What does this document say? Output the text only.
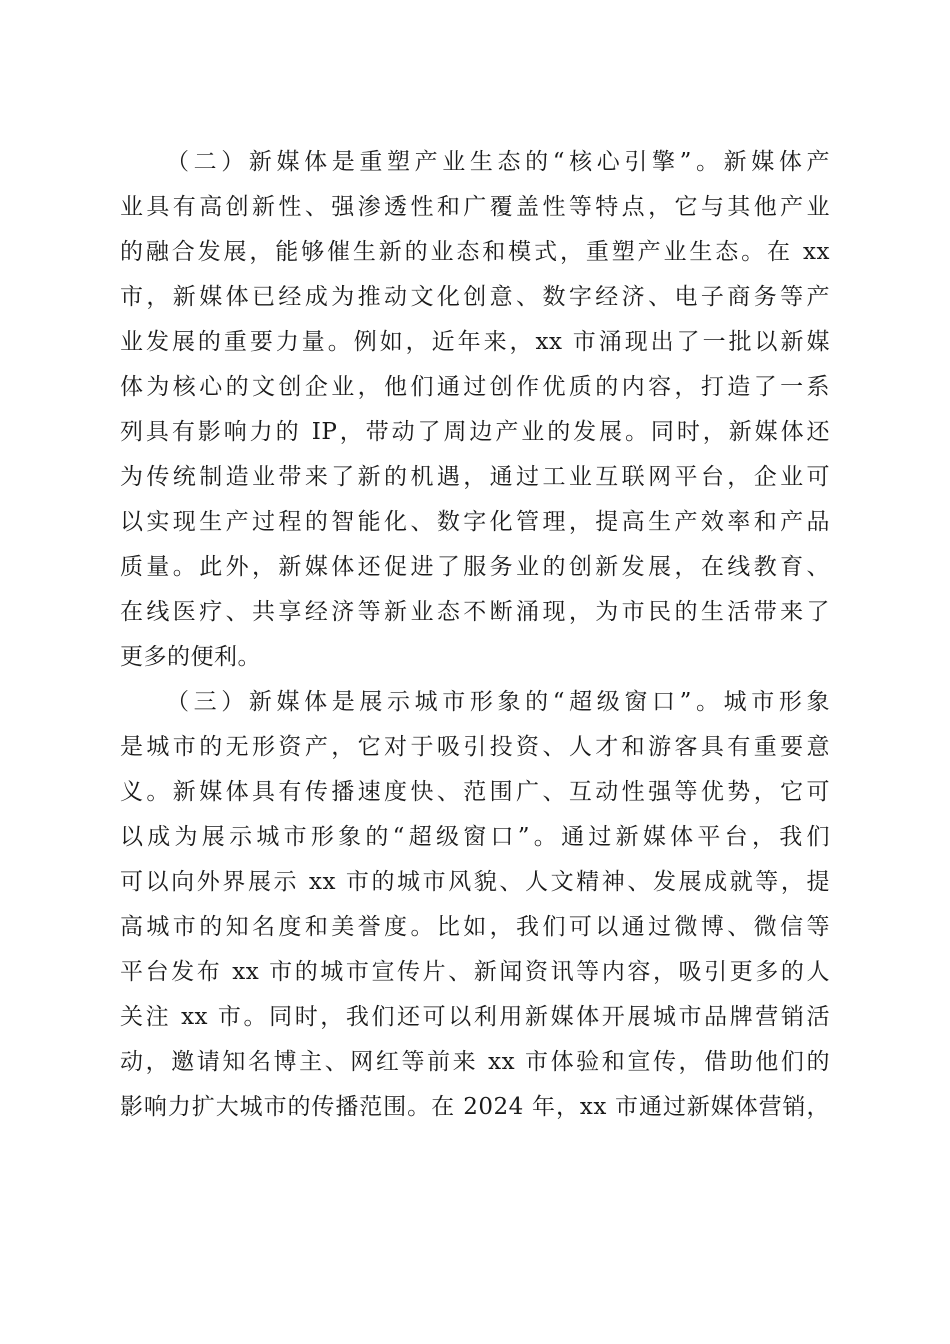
（二）新媒体是重塑产业生态的“核心引擎”。新媒体产
业具有高创新性、强渗透性和广覆盖性等特点，它与其他产业
的融合发展，能够催生新的业态和模式，重塑产业生态。在 xx
市，新媒体已经成为推动文化创意、数字经济、电子商务等产
业发展的重要力量。例如，近年来，xx 市涌现出了一批以新媒
体为核心的文创企业，他们通过创作优质的内容，打造了一系
列具有影响力的 IP，带动了周边产业的发展。同时，新媒体还
为传统制造业带来了新的机遇，通过工业互联网平台，企业可
以实现生产过程的智能化、数字化管理，提高生产效率和产品
质量。此外，新媒体还促进了服务业的创新发展，在线教育、
在线医疗、共享经济等新业态不断涌现，为市民的生活带来了
更多的便利。
（三）新媒体是展示城市形象的“超级窗口”。城市形象
是城市的无形资产，它对于吸引投资、人才和游客具有重要意
义。新媒体具有传播速度快、范围广、互动性强等优势，它可
以成为展示城市形象的“超级窗口”。通过新媒体平台，我们
可以向外界展示 xx 市的城市风貌、人文精神、发展成就等，提
高城市的知名度和美誉度。比如，我们可以通过微博、微信等
平台发布 xx 市的城市宣传片、新闻资讯等内容，吸引更多的人
关注 xx 市。同时，我们还可以利用新媒体开展城市品牌营销活
动，邀请知名博主、网红等前来 xx 市体验和宣传，借助他们的
影响力扩大城市的传播范围。在 2024 年，xx 市通过新媒体营销，
